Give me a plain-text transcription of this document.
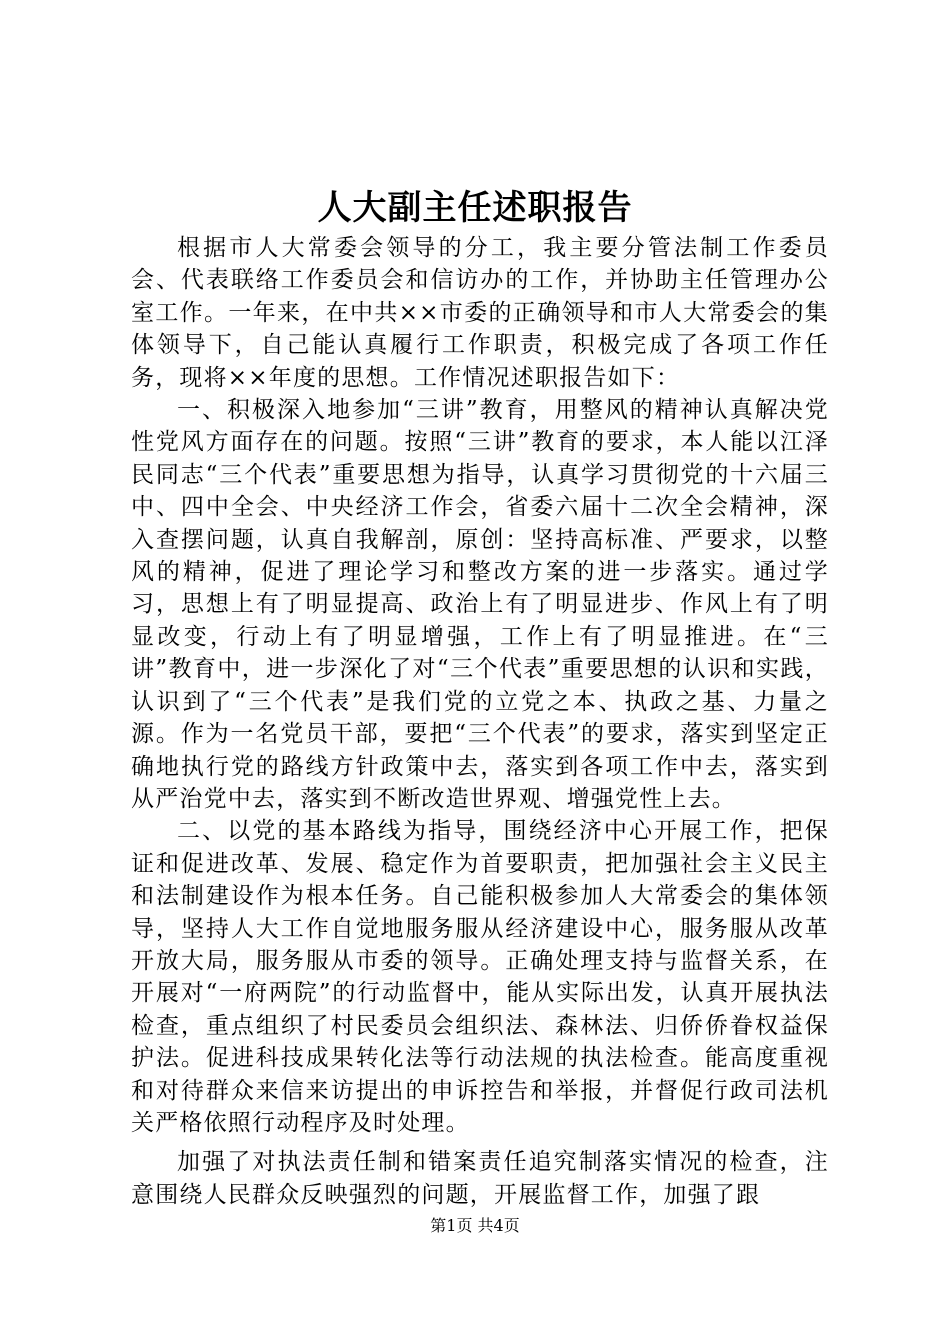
人大副主任述职报告

根据市人大常委会领导的分工，我主要分管法制工作委员会、代表联络工作委员会和信访办的工作，并协助主任管理办公室工作。一年来，在中共××市委的正确领导和市人大常委会的集体领导下，自己能认真履行工作职责，积极完成了各项工作任务，现将××年度的思想。工作情况述职报告如下：

一、积极深入地参加“三讲”教育，用整风的精神认真解决党性党风方面存在的问题。按照“三讲”教育的要求，本人能以江泽民同志“三个代表”重要思想为指导，认真学习贯彻党的十六届三中、四中全会、中央经济工作会，省委六届十二次全会精神，深入查摆问题，认真自我解剖，原创：坚持高标准、严要求，以整风的精神，促进了理论学习和整改方案的进一步落实。通过学习，思想上有了明显提高、政治上有了明显进步、作风上有了明显改变，行动上有了明显增强，工作上有了明显推进。在“三讲”教育中，进一步深化了对“三个代表”重要思想的认识和实践，认识到了“三个代表”是我们党的立党之本、执政之基、力量之源。作为一名党员干部，要把“三个代表”的要求，落实到坚定正确地执行党的路线方针政策中去，落实到各项工作中去，落实到从严治党中去，落实到不断改造世界观、增强党性上去。

二、以党的基本路线为指导，围绕经济中心开展工作，把保证和促进改革、发展、稳定作为首要职责，把加强社会主义民主和法制建设作为根本任务。自己能积极参加人大常委会的集体领导，坚持人大工作自觉地服务服从经济建设中心，服务服从改革开放大局，服务服从市委的领导。正确处理支持与监督关系，在开展对“一府两院”的行动监督中，能从实际出发，认真开展执法检查，重点组织了村民委员会组织法、森林法、归侨侨眷权益保护法。促进科技成果转化法等行动法规的执法检查。能高度重视和对待群众来信来访提出的申诉控告和举报，并督促行政司法机关严格依照行动程序及时处理。

加强了对执法责任制和错案责任追究制落实情况的检查，注意围绕人民群众反映强烈的问题，开展监督工作，加强了跟

第1页 共4页
